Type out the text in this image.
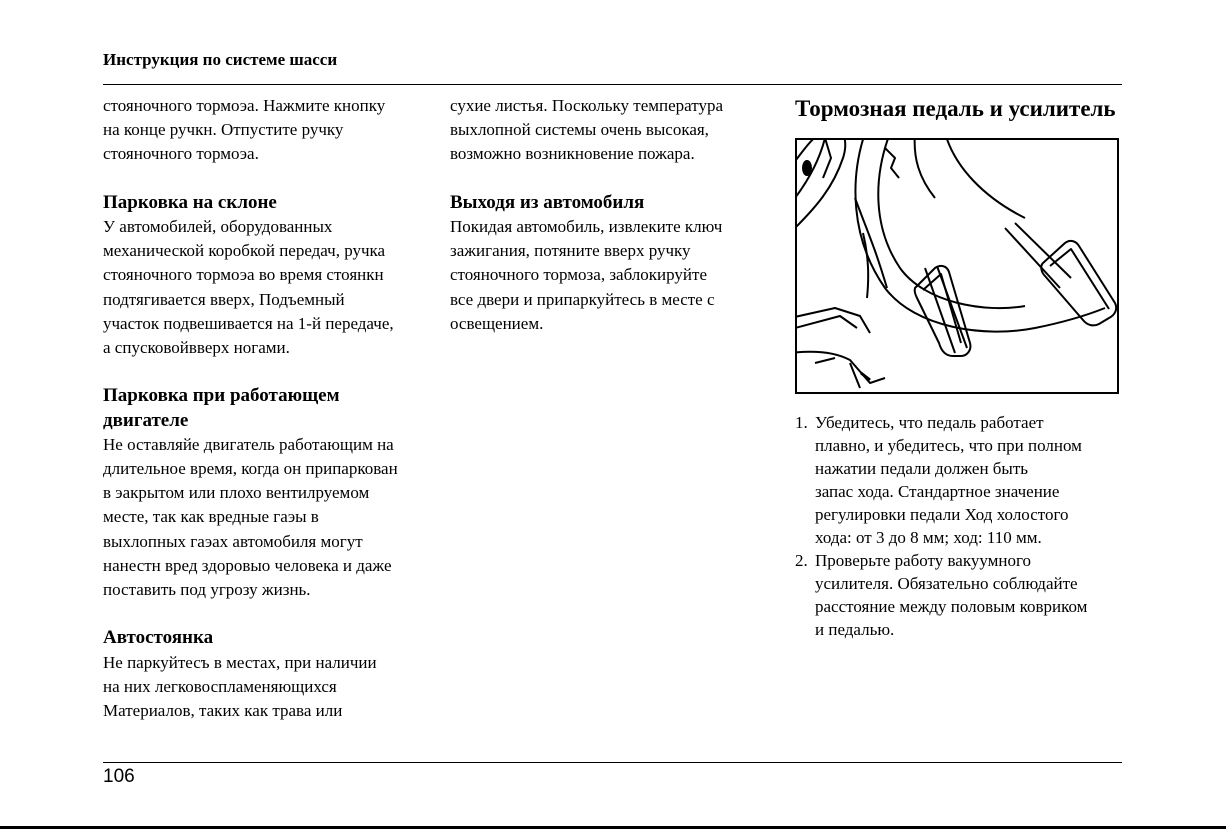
Инструкция по системе шасси
стояночного тормоэа. Нажмите кнопку
на конце ручкн. Отпустите ручку
стояночного тормоэа.
Парковка на склоне
У автомобилей, оборудованных
механической коробкой передач, ручка
стояночного тормоэа во время стоянкн
подтягивается вверх, Подъемный
участок подвешивается на 1-й передаче,
а спусковойвверх ногами.
Парковка при работающем
двигателе
Не оставляйе двигатель работающим на
длительное время, когда он припаркован
в эакрытом или плохо вентилруемом
месте, так как вредные гаэы в
выхлопных гаэах автомобиля могут
нанестн вред здоровыо человека и даже
поставить под угрозу жизнь.
Автостоянка
Не паркуйтесъ в местах, при наличии
на них легковоспламеняющихся
Материалов, таких как трава или
сухие листья. Поскольку температура
выхлопной системы очень высокая,
возможно возникновение пожара.
Выходя из автомобиля
Покидая автомобиль, извлеките ключ
зажигания, потяните вверх ручку
стояночного тормоза, заблокируйте
все двери и припаркуйтесь в месте с
освещением.
Тормозная педаль и усилитель
1. Убедитесь, что педаль работает
плавно, и убедитесь, что при полном
нажатии педали должен быть
запас хода. Стандартное значение
регулировки педали Ход холостого
хода: от 3 до 8 мм; ход: 110 мм.
2. Проверьте работу вакуумного
усилителя. Обязательно соблюдайте
расстояние между половым ковриком
и педалью.
106
